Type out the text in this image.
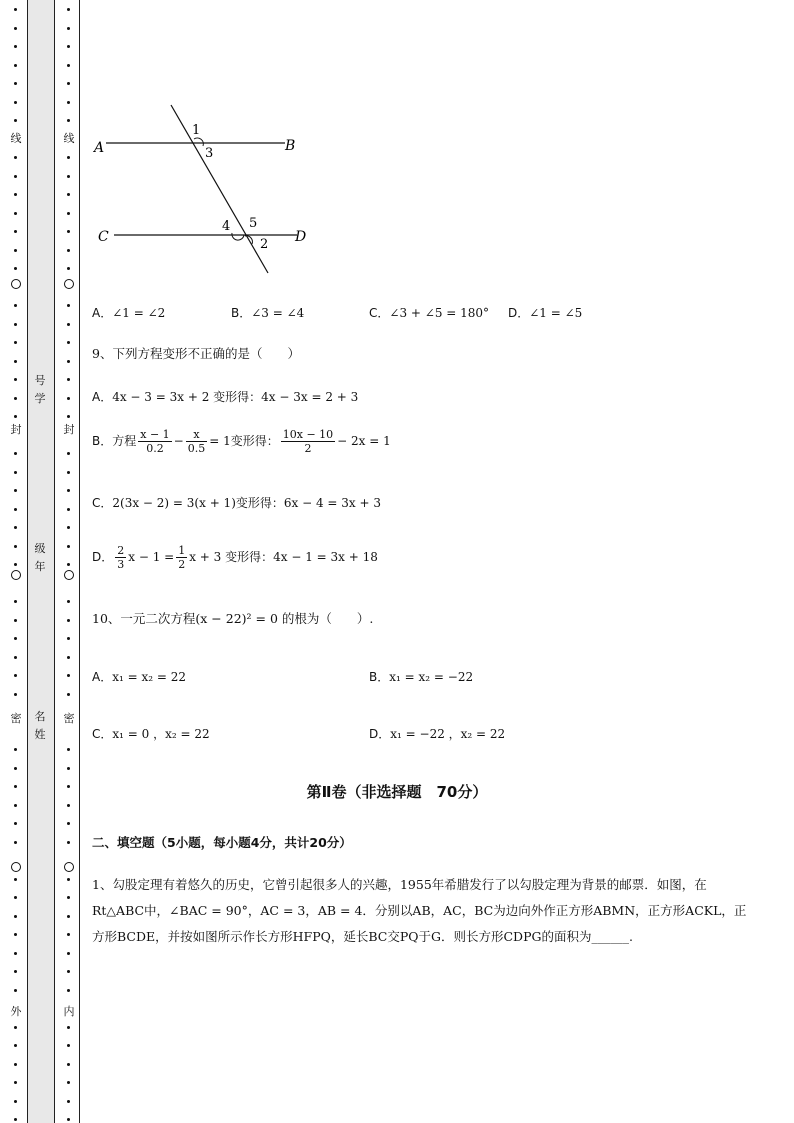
线
封
密
外
线
封
密
内
号学
级年
名姓
A	B
C	D
1
3
4 5
2
A．∠1 = ∠2	B．∠3 = ∠4	C．∠3 + ∠5 = 180° D．∠1 = ∠5
9、下列方程变形不正确的是（　　）
A．4x − 3 = 3x + 2 变形得：4x − 3x = 2 + 3
B．方程 $\frac{x - 1}{0.2} - \frac{x}{0.5} = 1$变形得： $\frac{10x - 10}{2} - 2x = 1$
C．2(3x − 2) = 3(x + 1)变形得：6x − 4 = 3x + 3
D． $\frac{2}{3}$ $x - 1 = \frac{1}{2}$ x + 3 变形得：4x − 1 = 3x + 18
10、一元二次方程(x − 22)² = 0 的根为（　　）.
A．x₁ = x₂ = 22	B．x₁ = x₂ = −22
C．x₁ = 0 ，x₂ = 22	D．x₁ = −22 ，x₂ = 22
第Ⅱ卷（非选择题　70分）
二、填空题（5小题，每小题4分，共计20分）
1、勾股定理有着悠久的历史，它曾引起很多人的兴趣，1955年希腊发行了以勾股定理为背景的邮票．如图，在Rt△ABC中，∠BAC = 90°，AC = 3，AB = 4．分别以AB，AC，BC为边向外作正方形ABMN，正方形ACKL，正方形BCDE，并按如图所示作长方形HFPQ，延长BC交PQ于G．则长方形CDPG的面积为______.
